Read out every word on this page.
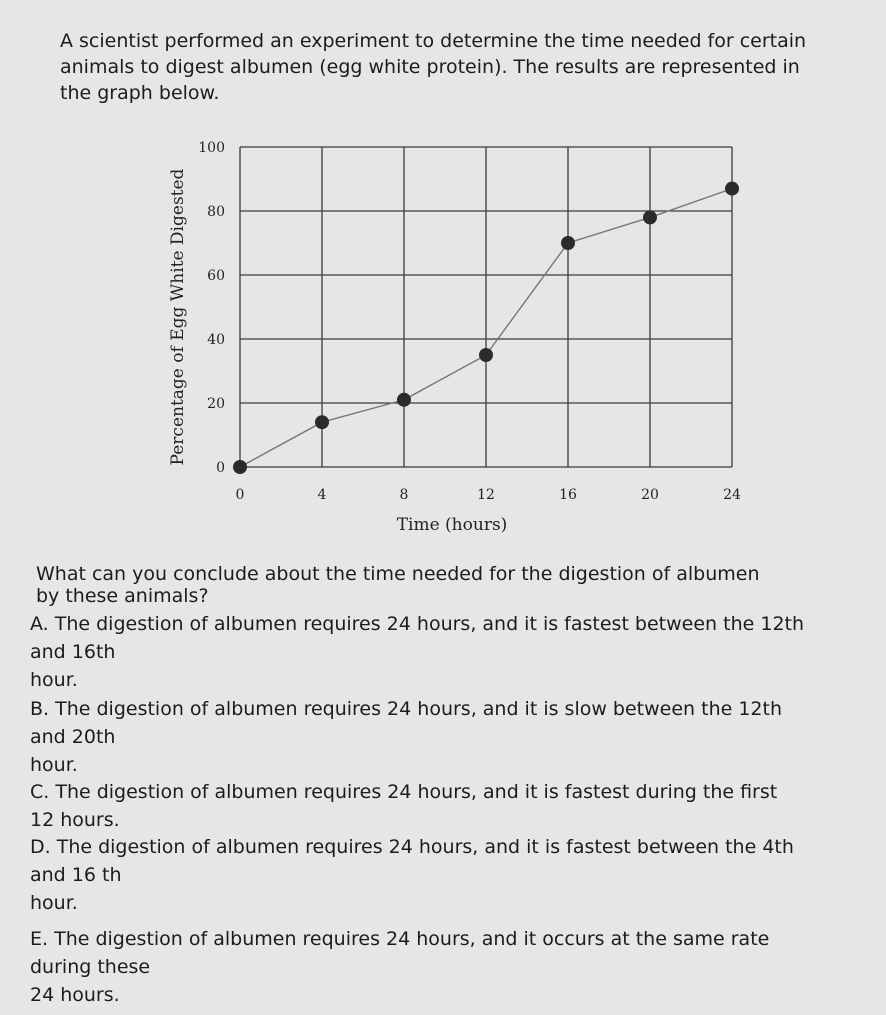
A scientist performed an experiment to determine the time needed for certain
animals to digest albumen (egg white protein). The results are represented in
the graph below.
0
20
40
60
80
100
0	4	8	12	16	20	24
Percentage of Egg White Digested
Time (hours)
What can you conclude about the time needed for the digestion of albumen
by these animals?
A. The digestion of albumen requires 24 hours, and it is fastest between the 12th
and 16th
hour.
B. The digestion of albumen requires 24 hours, and it is slow between the 12th
and 20th
hour.
C. The digestion of albumen requires 24 hours, and it is fastest during the first
12 hours.
D. The digestion of albumen requires 24 hours, and it is fastest between the 4th
and 16 th
hour.
E. The digestion of albumen requires 24 hours, and it occurs at the same rate
during these
24 hours.
